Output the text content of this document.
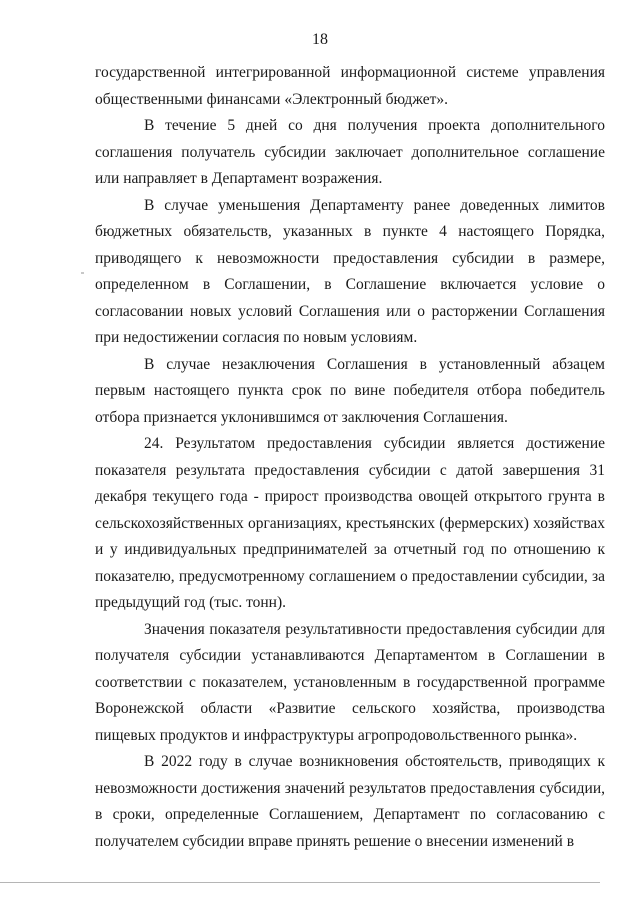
18

государственной интегрированной информационной системе управления общественными финансами «Электронный бюджет».

В течение 5 дней со дня получения проекта дополнительного соглашения получатель субсидии заключает дополнительное соглашение или направляет в Департамент возражения.

В случае уменьшения Департаменту ранее доведенных лимитов бюджетных обязательств, указанных в пункте 4 настоящего Порядка, приводящего к невозможности предоставления субсидии в размере, определенном в Соглашении, в Соглашение включается условие о согласовании новых условий Соглашения или о расторжении Соглашения при недостижении согласия по новым условиям.

В случае незаключения Соглашения в установленный абзацем первым настоящего пункта срок по вине победителя отбора победитель отбора признается уклонившимся от заключения Соглашения.

24. Результатом предоставления субсидии является достижение показателя результата предоставления субсидии с датой завершения 31 декабря текущего года - прирост производства овощей открытого грунта в сельскохозяйственных организациях, крестьянских (фермерских) хозяйствах и у индивидуальных предпринимателей за отчетный год по отношению к показателю, предусмотренному соглашением о предоставлении субсидии, за предыдущий год (тыс. тонн).

Значения показателя результативности предоставления субсидии для получателя субсидии устанавливаются Департаментом в Соглашении в соответствии с показателем, установленным в государственной программе Воронежской области «Развитие сельского хозяйства, производства пищевых продуктов и инфраструктуры агропродовольственного рынка».

В 2022 году в случае возникновения обстоятельств, приводящих к невозможности достижения значений результатов предоставления субсидии, в сроки, определенные Соглашением, Департамент по согласованию с получателем субсидии вправе принять решение о внесении изменений в
